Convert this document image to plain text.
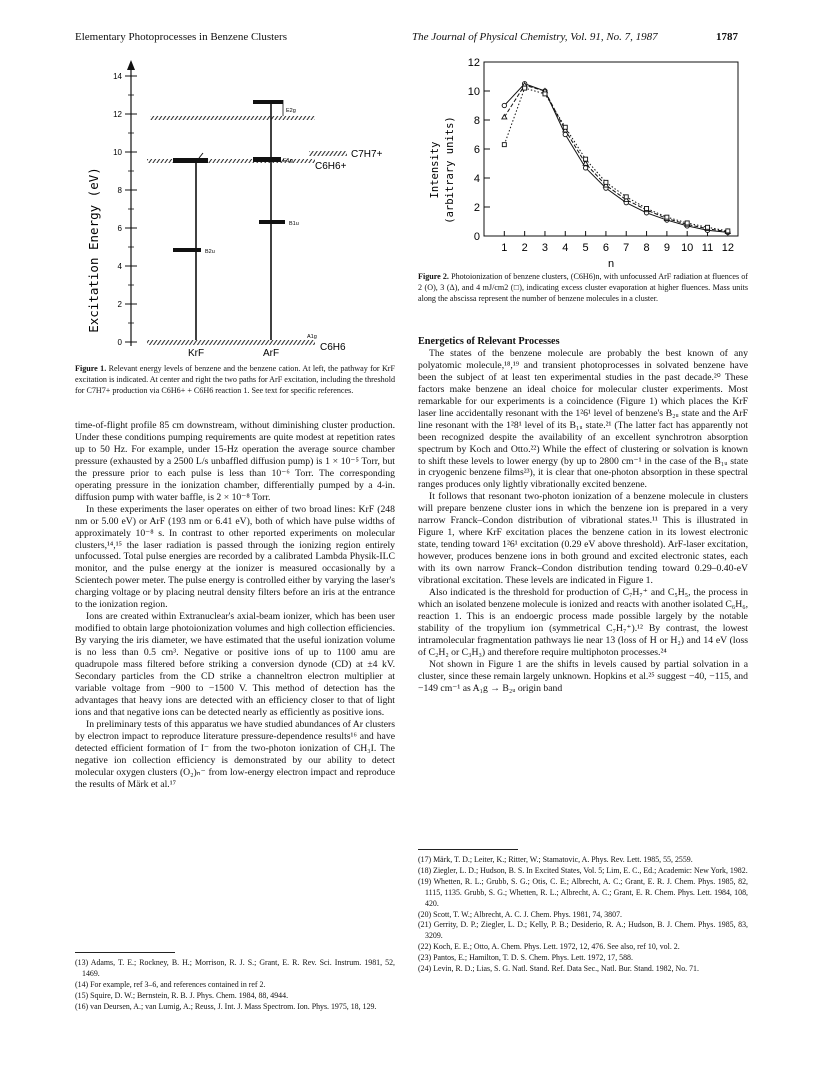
Elementary Photoprocesses in Benzene Clusters	The Journal of Physical Chemistry, Vol. 91, No. 7, 1987	1787
Excitation Energy (eV)
0
2
4
6
8
10
12
14
A1g
C7H7+
C6H6+
B2u
B1u
E1g
E2g
KrF	ArF
C6H6

Figure 1. Relevant energy levels of benzene and the benzene cation. At left, the pathway for KrF excitation is indicated. At center and right the two paths for ArF excitation, including the threshold for C7H7+ production via C6H6+ + C6H6 reaction 1. See text for specific references.

time-of-flight profile 85 cm downstream, without diminishing cluster production. Under these conditions pumping requirements are quite modest at repetition rates up to 50 Hz. For example, under 15-Hz operation the average source chamber pressure (exhausted by a 2500 L/s unbaffled diffusion pump) is 1 × 10⁻⁵ Torr, but the pressure prior to each pulse is less than 10⁻⁶ Torr. The corresponding operating pressure in the ionization chamber, differentially pumped by a 4-in. diffusion pump with water baffle, is 2 × 10⁻⁸ Torr.

In these experiments the laser operates on either of two broad lines: KrF (248 nm or 5.00 eV) or ArF (193 nm or 6.41 eV), both of which have pulse widths of approximately 10⁻⁸ s. In contrast to other reported experiments on molecular clusters,¹⁴,¹⁵ the laser radiation is passed through the ionizing region entirely unfocussed. Total pulse energies are recorded by a calibrated Lambda Physik-ILC monitor, and the pulse energy at the ionizer is measured occasionally by a Scientech power meter. The pulse energy is controlled either by varying the laser's charging voltage or by placing neutral density filters before an iris at the entrance to the ionization region.

Ions are created within Extranuclear's axial-beam ionizer, which has been user modified to obtain large photoionization volumes and high collection efficiencies. By varying the iris diameter, we have estimated that the useful ionization volume is no less than 0.5 cm³. Negative or positive ions of up to 1100 amu are quadrupole mass filtered before striking a conversion dynode (CD) at ±4 kV. Secondary particles from the CD strike a channeltron electron multiplier at variable voltage from −900 to −1500 V. This method of detection has the advantages that heavy ions are detected with an efficiency closer to that of light ions and that negative ions can be detected nearly as efficiently as positive ions.

In preliminary tests of this apparatus we have studied abundances of Ar clusters by electron impact to reproduce literature pressure-dependence results¹⁶ and have detected efficient formation of I⁻ from the two-photon ionization of CH₃I. The negative ion collection efficiency is demonstrated by our ability to detect molecular oxygen clusters (O₂)ₙ⁻ from low-energy electron impact and reproduce the results of Märk et al.¹⁷

(13) Adams, T. E.; Rockney, B. H.; Morrison, R. J. S.; Grant, E. R. Rev. Sci. Instrum. 1981, 52, 1469.

(14) For example, ref 3–6, and references contained in ref 2.

(15) Squire, D. W.; Bernstein, R. B. J. Phys. Chem. 1984, 88, 4944.

(16) van Deursen, A.; van Lumig, A.; Reuss, J. Int. J. Mass Spectrom. Ion. Phys. 1975, 18, 129.

Intensity (arbitrary units)
0
2
4
6
8
10
12
1 2 3 4 5 6 7 8 9 10 11 12
n

Figure 2. Photoionization of benzene clusters, (C6H6)n, with unfocussed ArF radiation at fluences of 2 (O), 3 (Δ), and 4 mJ/cm2 (□), indicating excess cluster evaporation at higher fluences. Mass units along the abscissa represent the number of benzene molecules in a cluster.

Energetics of Relevant Processes

The states of the benzene molecule are probably the best known of any polyatomic molecule,¹⁸,¹⁹ and transient photoprocesses in solvated benzene have been the subject of at least ten experimental studies in the past decade.²⁰ These factors make benzene an ideal choice for molecular cluster experiments. Most remarkable for our experiments is a coincidence (Figure 1) which places the KrF laser line accidentally resonant with the 1²6¹ level of benzene's B₂ᵤ state and the ArF line resonant with the 1²8¹ level of its B₁ᵤ state.²¹ (The latter fact has apparently not been recognized despite the availability of an excellent synchrotron absorption spectrum by Koch and Otto.²²) While the effect of clustering or solvation is known to shift these levels to lower energy (by up to 2800 cm⁻¹ in the case of the B₁ᵤ state in cryogenic benzene films²³), it is clear that one-photon absorption in these spectral ranges produces only lightly vibrationally excited benzene.

It follows that resonant two-photon ionization of a benzene molecule in clusters will prepare benzene cluster ions in which the benzene ion is prepared in a very narrow Franck–Condon distribution of vibrational states.¹¹ This is illustrated in Figure 1, where KrF excitation places the benzene cation in its lowest electronic state, tending toward 1²6¹ excitation (0.29 eV above threshold). ArF-laser excitation, however, produces benzene ions in both ground and excited electronic states, each with its own narrow Franck–Condon distribution tending toward 0.29–0.40-eV vibrational excitation. These levels are indicated in Figure 1.

Also indicated is the threshold for production of C₇H₇⁺ and C₅H₅, the process in which an isolated benzene molecule is ionized and reacts with another isolated C₆H₆, reaction 1. This is an endoergic process made possible largely by the notable stability of the tropylium ion (symmetrical C₇H₇⁺).¹² By contrast, the lowest intramolecular fragmentation pathways lie near 13 (loss of H or H₂) and 14 eV (loss of C₂H₂ or C₃H₃) and therefore require multiphoton processes.²⁴

Not shown in Figure 1 are the shifts in levels caused by partial solvation in a cluster, since these remain largely unknown. Hopkins et al.²⁵ suggest −40, −115, and −149 cm⁻¹ as A₁g → B₂ᵤ origin band

(17) Märk, T. D.; Leiter, K.; Ritter, W.; Stamatovic, A. Phys. Rev. Lett. 1985, 55, 2559.

(18) Ziegler, L. D.; Hudson, B. S. In Excited States, Vol. 5; Lim, E. C., Ed.; Academic: New York, 1982.

(19) Whetten, R. L.; Grubb, S. G.; Otis, C. E.; Albrecht, A. C.; Grant, E. R. J. Chem. Phys. 1985, 82, 1115, 1135. Grubb, S. G.; Whetten, R. L.; Albrecht, A. C.; Grant, E. R. Chem. Phys. Lett. 1984, 108, 420.

(20) Scott, T. W.; Albrecht, A. C. J. Chem. Phys. 1981, 74, 3807.

(21) Gerrity, D. P.; Ziegler, L. D.; Kelly, P. B.; Desiderio, R. A.; Hudson, B. J. Chem. Phys. 1985, 83, 3209.

(22) Koch, E. E.; Otto, A. Chem. Phys. Lett. 1972, 12, 476. See also, ref 10, vol. 2.

(23) Pantos, E.; Hamilton, T. D. S. Chem. Phys. Lett. 1972, 17, 588.

(24) Levin, R. D.; Lias, S. G. Natl. Stand. Ref. Data Sec., Natl. Bur. Stand. 1982, No. 71.
